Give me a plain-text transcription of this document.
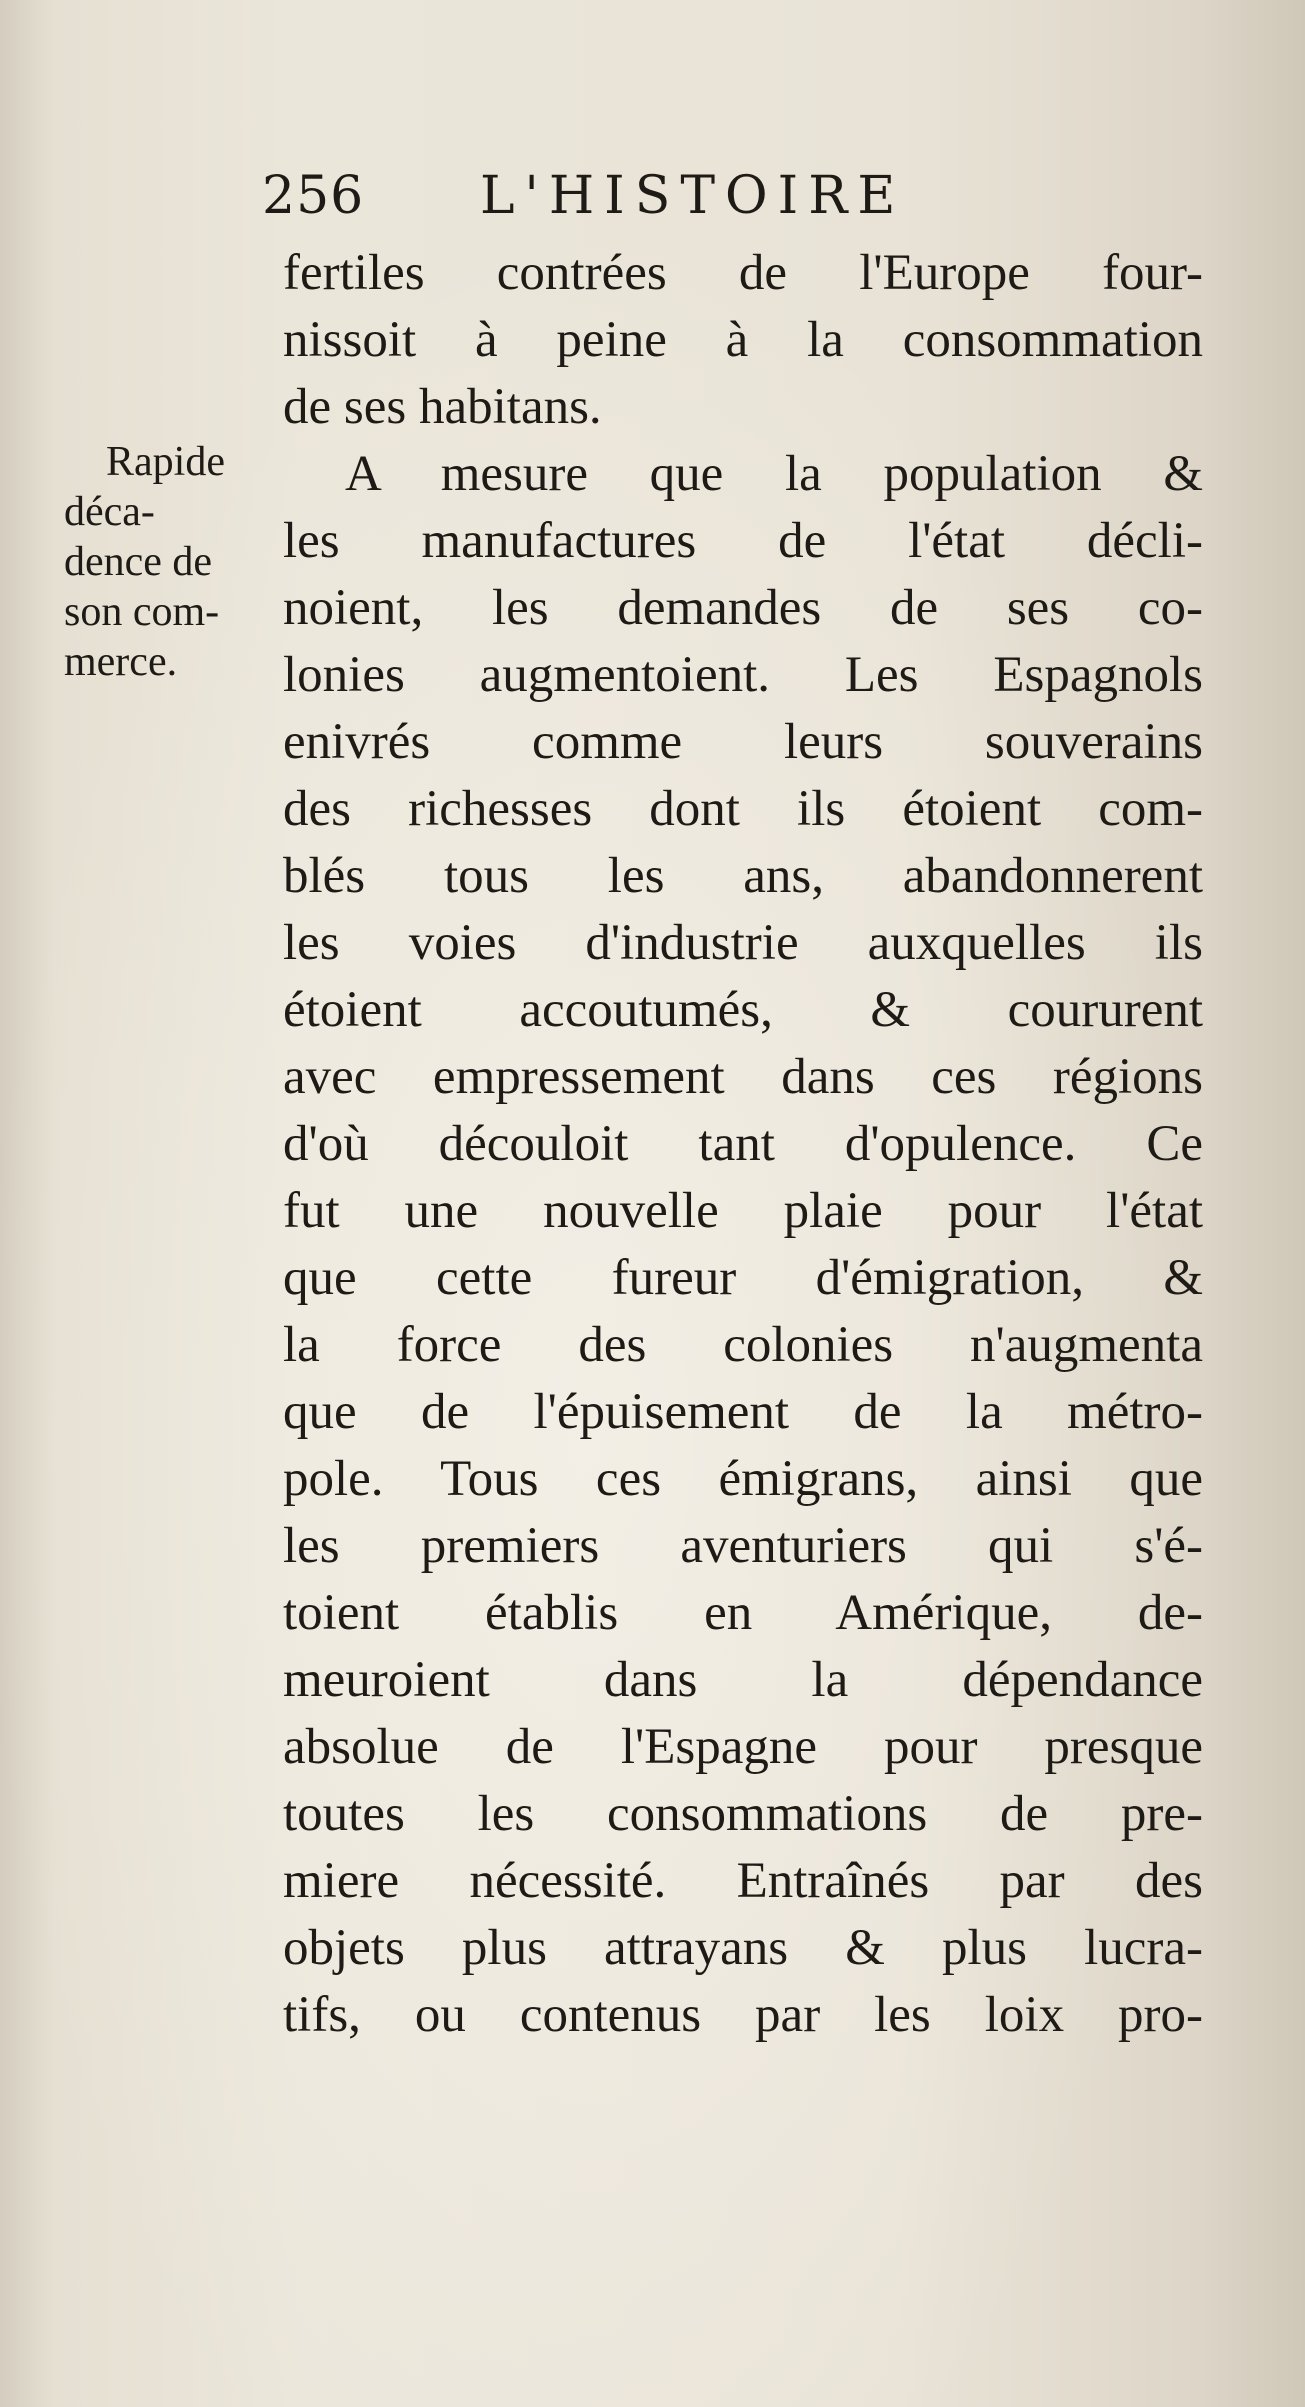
256 L'HISTOIRE
Rapide
déca-
dence de
son com-
merce.
fertiles contrées de l'Europe four-
nissoit à peine à la consommation
de ses habitans.
A mesure que la population &
les manufactures de l'état décli-
noient, les demandes de ses co-
lonies augmentoient. Les Espagnols
enivrés comme leurs souverains
des richesses dont ils étoient com-
blés tous les ans, abandonnerent
les voies d'industrie auxquelles ils
étoient accoutumés, & coururent
avec empressement dans ces régions
d'où découloit tant d'opulence. Ce
fut une nouvelle plaie pour l'état
que cette fureur d'émigration, &
la force des colonies n'augmenta
que de l'épuisement de la métro-
pole. Tous ces émigrans, ainsi que
les premiers aventuriers qui s'é-
toient établis en Amérique, de-
meuroient dans la dépendance
absolue de l'Espagne pour presque
toutes les consommations de pre-
miere nécessité. Entraînés par des
objets plus attrayans & plus lucra-
tifs, ou contenus par les loix pro-
